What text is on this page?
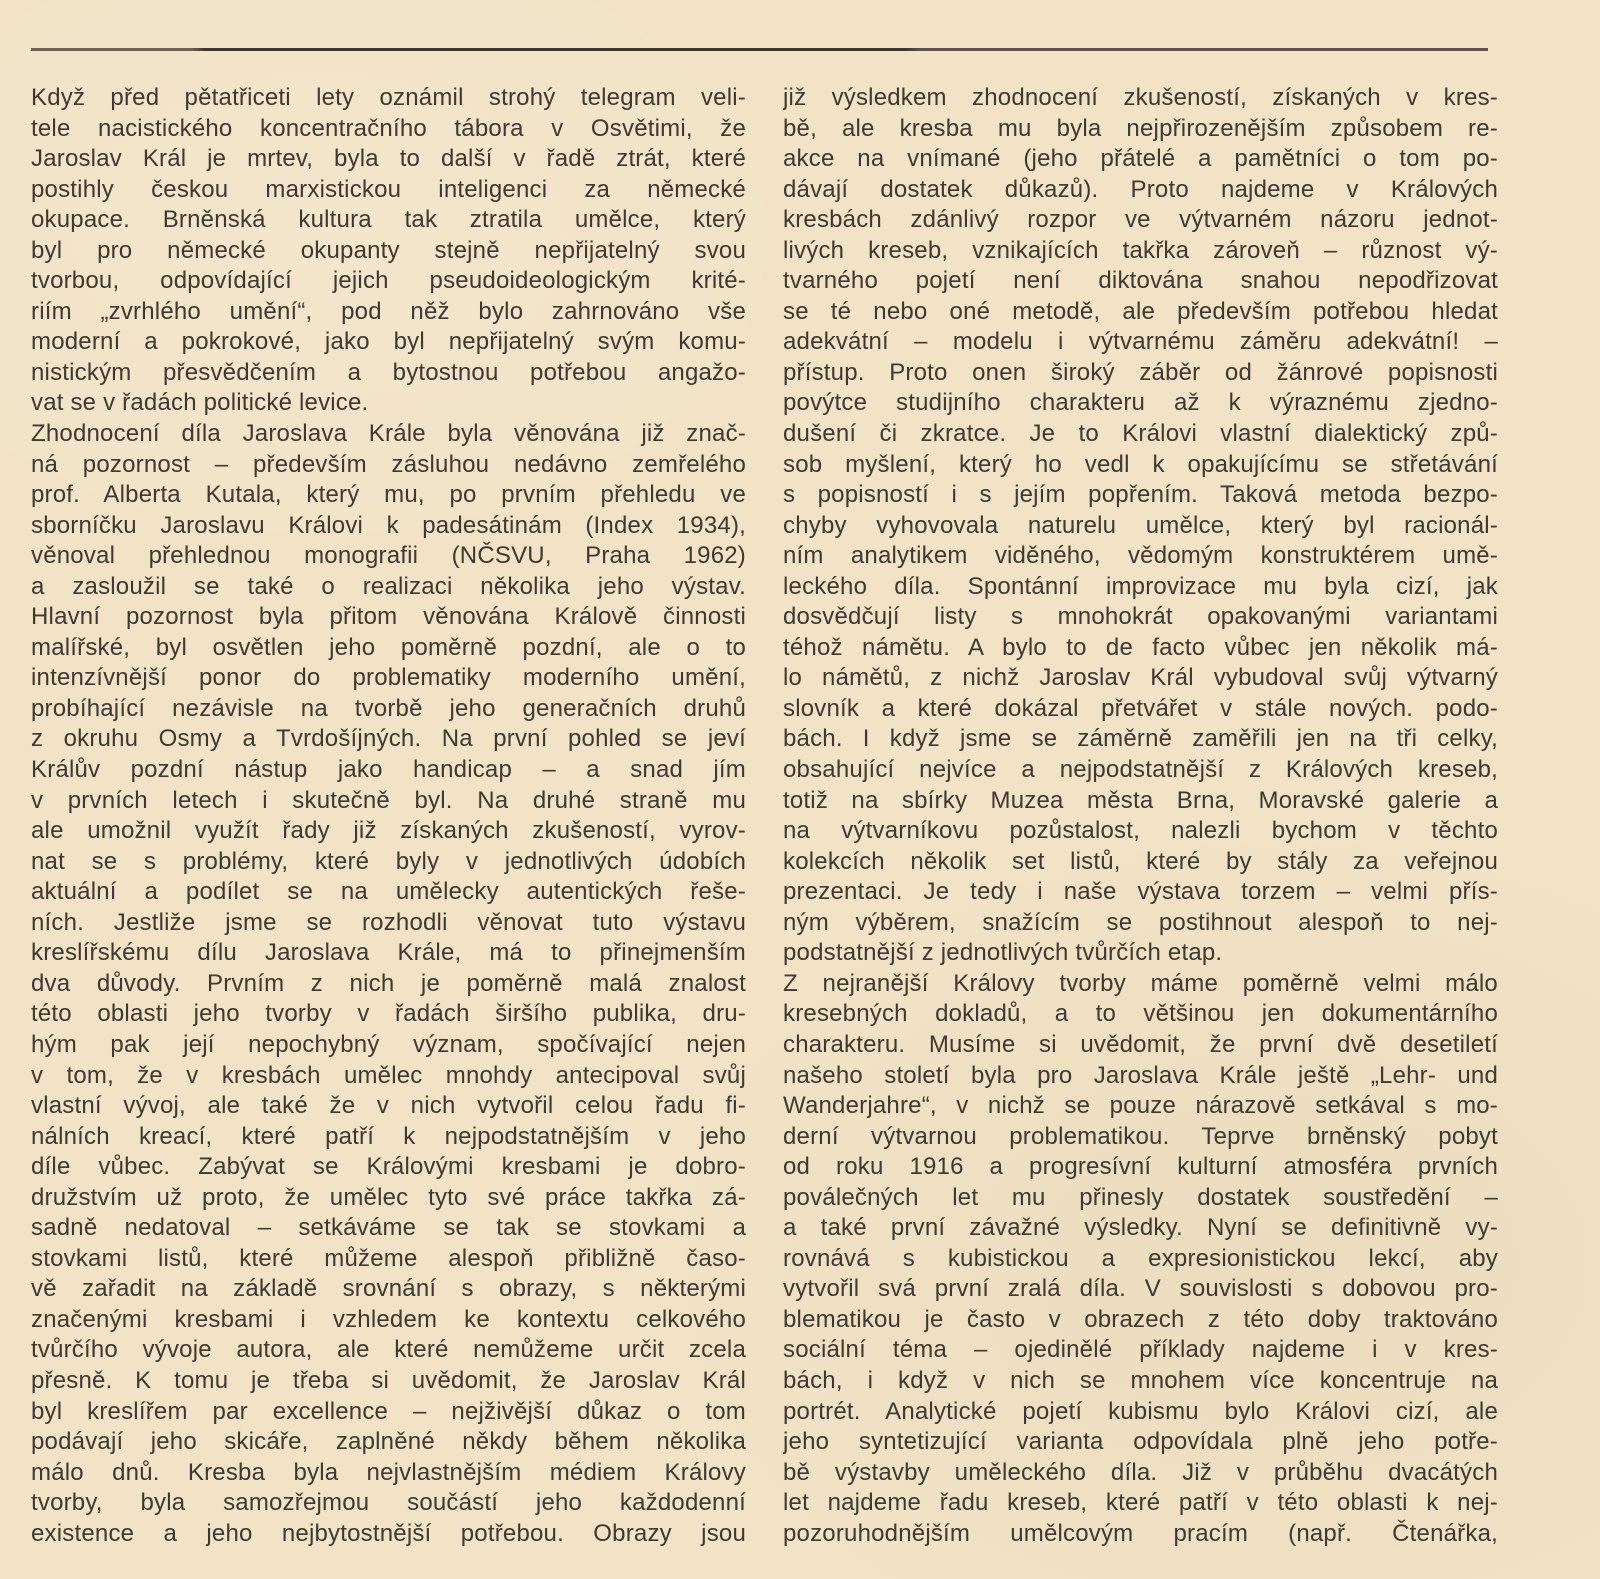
Když před pětatřiceti lety oznámil strohý telegram veli-
tele nacistického koncentračního tábora v Osvětimi, že
Jaroslav Král je mrtev, byla to další v řadě ztrát, které
postihly českou marxistickou inteligenci za německé
okupace. Brněnská kultura tak ztratila umělce, který
byl pro německé okupanty stejně nepřijatelný svou
tvorbou, odpovídající jejich pseudoideologickým krité-
riím „zvrhlého umění“, pod něž bylo zahrnováno vše
moderní a pokrokové, jako byl nepřijatelný svým komu-
nistickým přesvědčením a bytostnou potřebou angažo-
vat se v řadách politické levice.
Zhodnocení díla Jaroslava Krále byla věnována již znač-
ná pozornost – především zásluhou nedávno zemřelého
prof. Alberta Kutala, který mu, po prvním přehledu ve
sborníčku Jaroslavu Královi k padesátinám (Index 1934),
věnoval přehlednou monografii (NČSVU, Praha 1962)
a zasloužil se také o realizaci několika jeho výstav.
Hlavní pozornost byla přitom věnována Králově činnosti
malířské, byl osvětlen jeho poměrně pozdní, ale o to
intenzívnější ponor do problematiky moderního umění,
probíhající nezávisle na tvorbě jeho generačních druhů
z okruhu Osmy a Tvrdošíjných. Na první pohled se jeví
Králův pozdní nástup jako handicap – a snad jím
v prvních letech i skutečně byl. Na druhé straně mu
ale umožnil využít řady již získaných zkušeností, vyrov-
nat se s problémy, které byly v jednotlivých údobích
aktuální a podílet se na umělecky autentických řeše-
ních. Jestliže jsme se rozhodli věnovat tuto výstavu
kreslířskému dílu Jaroslava Krále, má to přinejmenším
dva důvody. Prvním z nich je poměrně malá znalost
této oblasti jeho tvorby v řadách širšího publika, dru-
hým pak její nepochybný význam, spočívající nejen
v tom, že v kresbách umělec mnohdy antecipoval svůj
vlastní vývoj, ale také že v nich vytvořil celou řadu fi-
nálních kreací, které patří k nejpodstatnějším v jeho
díle vůbec. Zabývat se Královými kresbami je dobro-
družstvím už proto, že umělec tyto své práce takřka zá-
sadně nedatoval – setkáváme se tak se stovkami a
stovkami listů, které můžeme alespoň přibližně časo-
vě zařadit na základě srovnání s obrazy, s některými
značenými kresbami i vzhledem ke kontextu celkového
tvůrčího vývoje autora, ale které nemůžeme určit zcela
přesně. K tomu je třeba si uvědomit, že Jaroslav Král
byl kreslířem par excellence – nejživější důkaz o tom
podávají jeho skicáře, zaplněné někdy během několika
málo dnů. Kresba byla nejvlastnějším médiem Královy
tvorby, byla samozřejmou součástí jeho každodenní
existence a jeho nejbytostnější potřebou. Obrazy jsou
již výsledkem zhodnocení zkušeností, získaných v kres-
bě, ale kresba mu byla nejpřirozenějším způsobem re-
akce na vnímané (jeho přátelé a pamětníci o tom po-
dávají dostatek důkazů). Proto najdeme v Králových
kresbách zdánlivý rozpor ve výtvarném názoru jednot-
livých kreseb, vznikajících takřka zároveň – různost vý-
tvarného pojetí není diktována snahou nepodřizovat
se té nebo oné metodě, ale především potřebou hledat
adekvátní – modelu i výtvarnému záměru adekvátní! –
přístup. Proto onen široký záběr od žánrové popisnosti
povýtce studijního charakteru až k výraznému zjedno-
dušení či zkratce. Je to Královi vlastní dialektický způ-
sob myšlení, který ho vedl k opakujícímu se střetávání
s popisností i s jejím popřením. Taková metoda bezpo-
chyby vyhovovala naturelu umělce, který byl racionál-
ním analytikem viděného, vědomým konstruktérem umě-
leckého díla. Spontánní improvizace mu byla cizí, jak
dosvědčují listy s mnohokrát opakovanými variantami
téhož námětu. A bylo to de facto vůbec jen několik má-
lo námětů, z nichž Jaroslav Král vybudoval svůj výtvarný
slovník a které dokázal přetvářet v stále nových. podo-
bách. I když jsme se záměrně zaměřili jen na tři celky,
obsahující nejvíce a nejpodstatnější z Králových kreseb,
totiž na sbírky Muzea města Brna, Moravské galerie a
na výtvarníkovu pozůstalost, nalezli bychom v těchto
kolekcích několik set listů, které by stály za veřejnou
prezentaci. Je tedy i naše výstava torzem – velmi přís-
ným výběrem, snažícím se postihnout alespoň to nej-
podstatnější z jednotlivých tvůrčích etap.
Z nejranější Královy tvorby máme poměrně velmi málo
kresebných dokladů, a to většinou jen dokumentárního
charakteru. Musíme si uvědomit, že první dvě desetiletí
našeho století byla pro Jaroslava Krále ještě „Lehr- und
Wanderjahre“, v nichž se pouze nárazově setkával s mo-
derní výtvarnou problematikou. Teprve brněnský pobyt
od roku 1916 a progresívní kulturní atmosféra prvních
poválečných let mu přinesly dostatek soustředění –
a také první závažné výsledky. Nyní se definitivně vy-
rovnává s kubistickou a expresionistickou lekcí, aby
vytvořil svá první zralá díla. V souvislosti s dobovou pro-
blematikou je často v obrazech z této doby traktováno
sociální téma – ojedinělé příklady najdeme i v kres-
bách, i když v nich se mnohem více koncentruje na
portrét. Analytické pojetí kubismu bylo Královi cizí, ale
jeho syntetizující varianta odpovídala plně jeho potře-
bě výstavby uměleckého díla. Již v průběhu dvacátých
let najdeme řadu kreseb, které patří v této oblasti k nej-
pozoruhodnějším umělcovým pracím (např. Čtenářka,
